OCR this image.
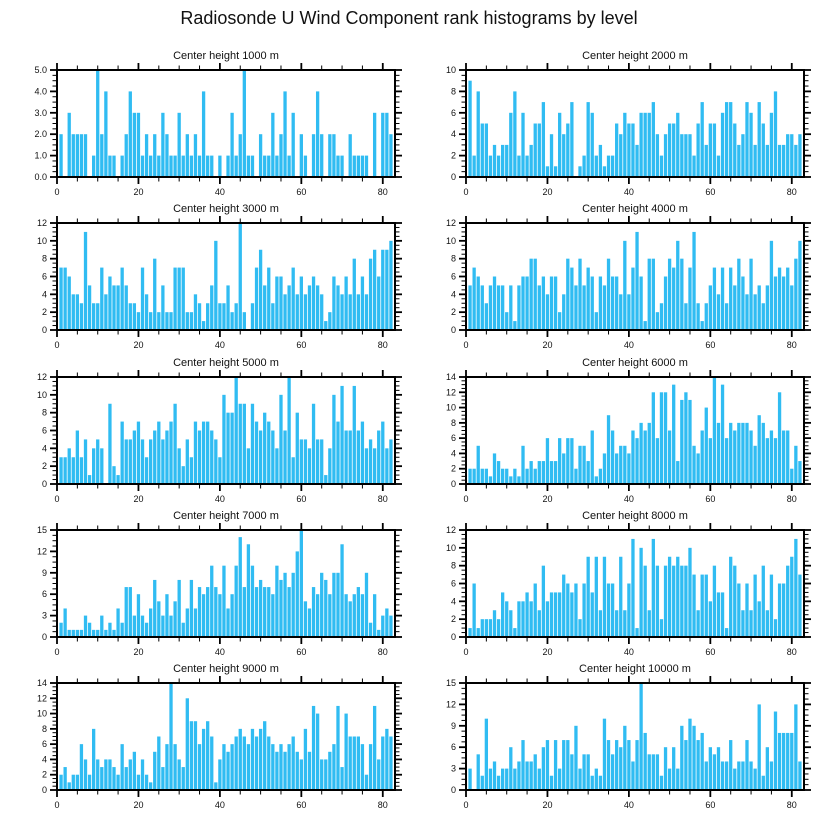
Radiosonde U Wind Component rank histograms by level
Center height 1000 m
0	20	40	60	80
0.0
1.0
2.0
3.0
4.0
5.0
Center height 2000 m
0	20	40	60	80
0
2
4
6
8
10
Center height 3000 m
0	20	40	60	80
0
2
4
6
8
10
12
Center height 4000 m
0	20	40	60	80
0
2
4
6
8
10
12
Center height 5000 m
0	20	40	60	80
0
2
4
6
8
10
12
Center height 6000 m
0	20	40	60	80
0
2
4
6
8
10
12
14
Center height 7000 m
0	20	40	60	80
0
3
6
9
12
15
Center height 8000 m
0	20	40	60	80
0
2
4
6
8
10
12
Center height 9000 m
0	20	40	60	80
0
2
4
6
8
10
12
14
Center height 10000 m
0	20	40	60	80
0
3
6
9
12
15
